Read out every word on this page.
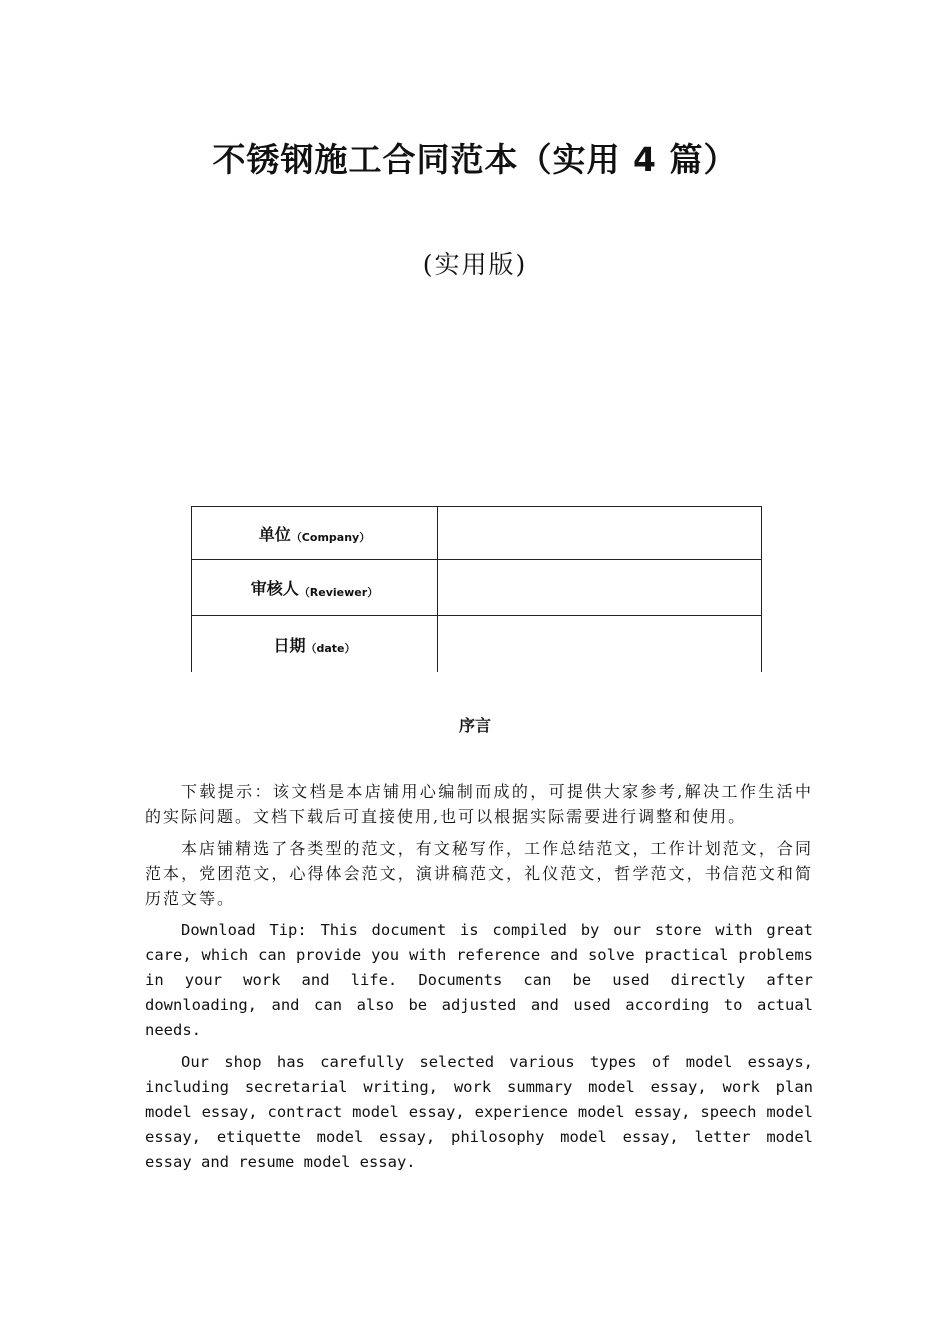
不锈钢施工合同范本（实用 4 篇）
(实用版)
单位 （Company）
审核人 （Reviewer）
日期 （date）
序言

下载提示：该文档是本店铺用心编制而成的，可提供大家参考,解决工作生活中的实际问题。文档下载后可直接使用,也可以根据实际需要进行调整和使用。

本店铺精选了各类型的范文，有文秘写作，工作总结范文，工作计划范文，合同范本，党团范文，心得体会范文，演讲稿范文，礼仪范文，哲学范文，书信范文和简历范文等。

Download Tip: This document is compiled by our store with great care, which can provide you with reference and solve practical problems in your work and life. Documents can be used directly after downloading, and can also be adjusted and used according to actual needs.

Our shop has carefully selected various types of model essays, including secretarial writing, work summary model essay, work plan model essay, contract model essay, experience model essay, speech model essay, etiquette model essay, philosophy model essay, letter model essay and resume model essay.
